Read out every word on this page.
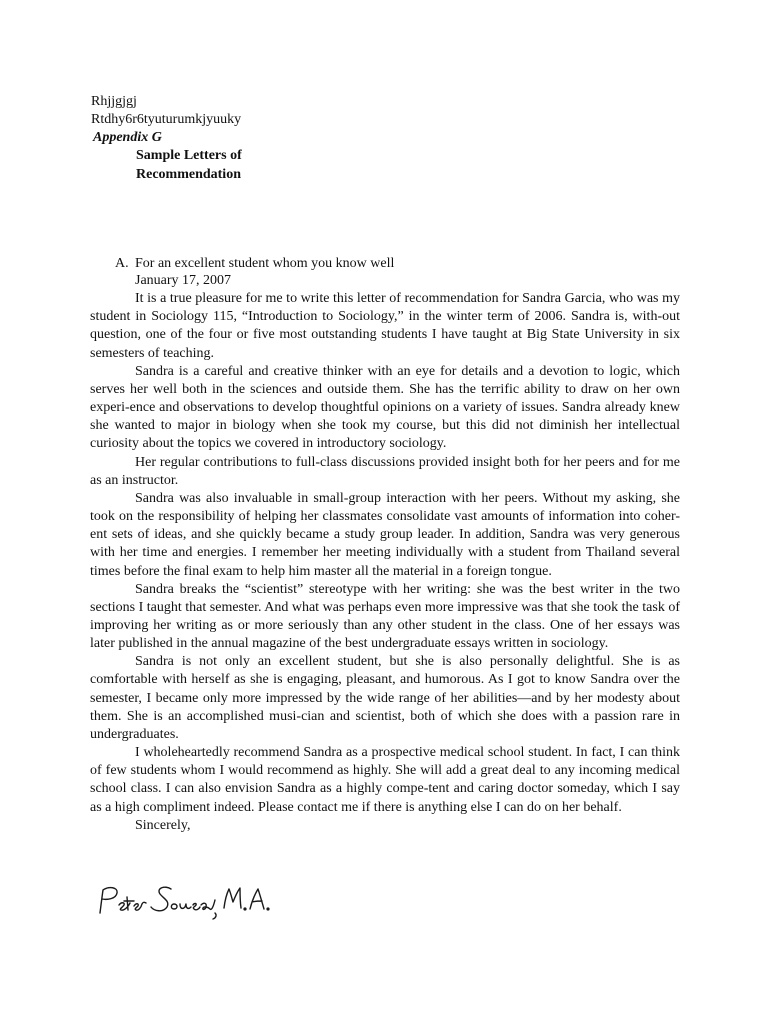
Rhjjgjgj
Rtdhy6r6tyuturumkjyuuky
Appendix G
Sample Letters of
Recommendation
A. For an excellent student whom you know well

January 17, 2007

It is a true pleasure for me to write this letter of recommendation for Sandra Garcia, who was my student in Sociology 115, “Introduction to Sociology,” in the winter term of 2006. Sandra is, with-out question, one of the four or five most outstanding students I have taught at Big State University in six semesters of teaching.

Sandra is a careful and creative thinker with an eye for details and a devotion to logic, which serves her well both in the sciences and outside them. She has the terrific ability to draw on her own experi-ence and observations to develop thoughtful opinions on a variety of issues. Sandra already knew she wanted to major in biology when she took my course, but this did not diminish her intellectual curiosity about the topics we covered in introductory sociology.

Her regular contributions to full-class discussions provided insight both for her peers and for me as an instructor.

Sandra was also invaluable in small-group interaction with her peers. Without my asking, she took on the responsibility of helping her classmates consolidate vast amounts of information into coher-ent sets of ideas, and she quickly became a study group leader. In addition, Sandra was very generous with her time and energies. I remember her meeting individually with a student from Thailand several times before the final exam to help him master all the material in a foreign tongue.

Sandra breaks the “scientist” stereotype with her writing: she was the best writer in the two sections I taught that semester. And what was perhaps even more impressive was that she took the task of improving her writing as or more seriously than any other student in the class. One of her essays was later published in the annual magazine of the best undergraduate essays written in sociology.

Sandra is not only an excellent student, but she is also personally delightful. She is as comfortable with herself as she is engaging, pleasant, and humorous. As I got to know Sandra over the semester, I became only more impressed by the wide range of her abilities—and by her modesty about them. She is an accomplished musi-cian and scientist, both of which she does with a passion rare in undergraduates.

I wholeheartedly recommend Sandra as a prospective medical school student. In fact, I can think of few students whom I would recommend as highly. She will add a great deal to any incoming medical school class. I can also envision Sandra as a highly compe-tent and caring doctor someday, which I say as a high compliment indeed. Please contact me if there is anything else I can do on her behalf.

Sincerely,
